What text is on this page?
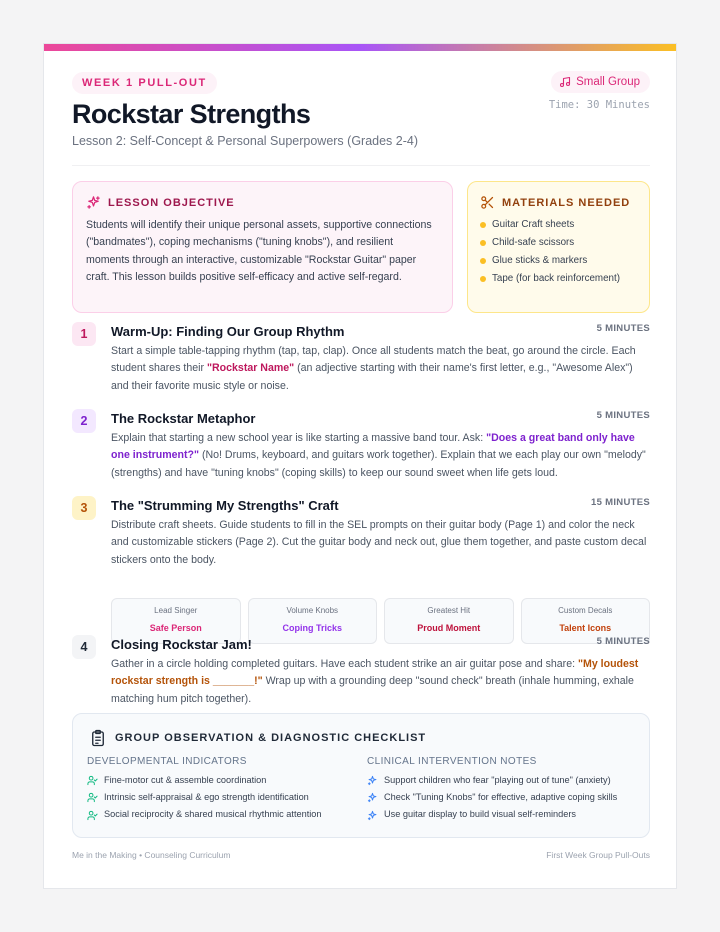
WEEK 1 PULL-OUT	Small Group
Time: 30 Minutes
Rockstar Strengths
Lesson 2: Self-Concept & Personal Superpowers (Grades 2-4)
LESSON OBJECTIVE

Students will identify their unique personal assets, supportive connections ("bandmates"), coping mechanisms ("tuning knobs"), and resilient moments through an interactive, customizable "Rockstar Guitar" paper craft. This lesson builds positive self-efficacy and active self-regard.

MATERIALS NEEDED
Guitar Craft sheets
Child-safe scissors
Glue sticks & markers
Tape (for back reinforcement)
1	Warm-Up: Finding Our Group Rhythm	5 MINUTES

Start a simple table-tapping rhythm (tap, tap, clap). Once all students match the beat, go around the circle. Each student shares their "Rockstar Name" (an adjective starting with their name's first letter, e.g., "Awesome Alex") and their favorite music style or noise.

2	The Rockstar Metaphor	5 MINUTES

Explain that starting a new school year is like starting a massive band tour. Ask: "Does a great band only have one instrument?" (No! Drums, keyboard, and guitars work together). Explain that we each play our own "melody" (strengths) and have "tuning knobs" (coping skills) to keep our sound sweet when life gets loud.

3	The "Strumming My Strengths" Craft	15 MINUTES

Distribute craft sheets. Guide students to fill in the SEL prompts on their guitar body (Page 1) and color the neck and customizable stickers (Page 2). Cut the guitar body and neck out, glue them together, and paste custom decal stickers onto the body.

Lead Singer
Safe Person
Volume Knobs
Coping Tricks
Greatest Hit
Proud Moment
Custom Decals
Talent Icons
4	Closing Rockstar Jam!	5 MINUTES

Gather in a circle holding completed guitars. Have each student strike an air guitar pose and share: "My loudest rockstar strength is _______!" Wrap up with a grounding deep "sound check" breath (inhale humming, exhale matching hum pitch together).

GROUP OBSERVATION & DIAGNOSTIC CHECKLIST
DEVELOPMENTAL INDICATORS
Fine-motor cut & assemble coordination
Intrinsic self-appraisal & ego strength identification
Social reciprocity & shared musical rhythmic attention
CLINICAL INTERVENTION NOTES
Support children who fear "playing out of tune" (anxiety)
Check "Tuning Knobs" for effective, adaptive coping skills
Use guitar display to build visual self-reminders
Me in the Making • Counseling Curriculum	First Week Group Pull-Outs
